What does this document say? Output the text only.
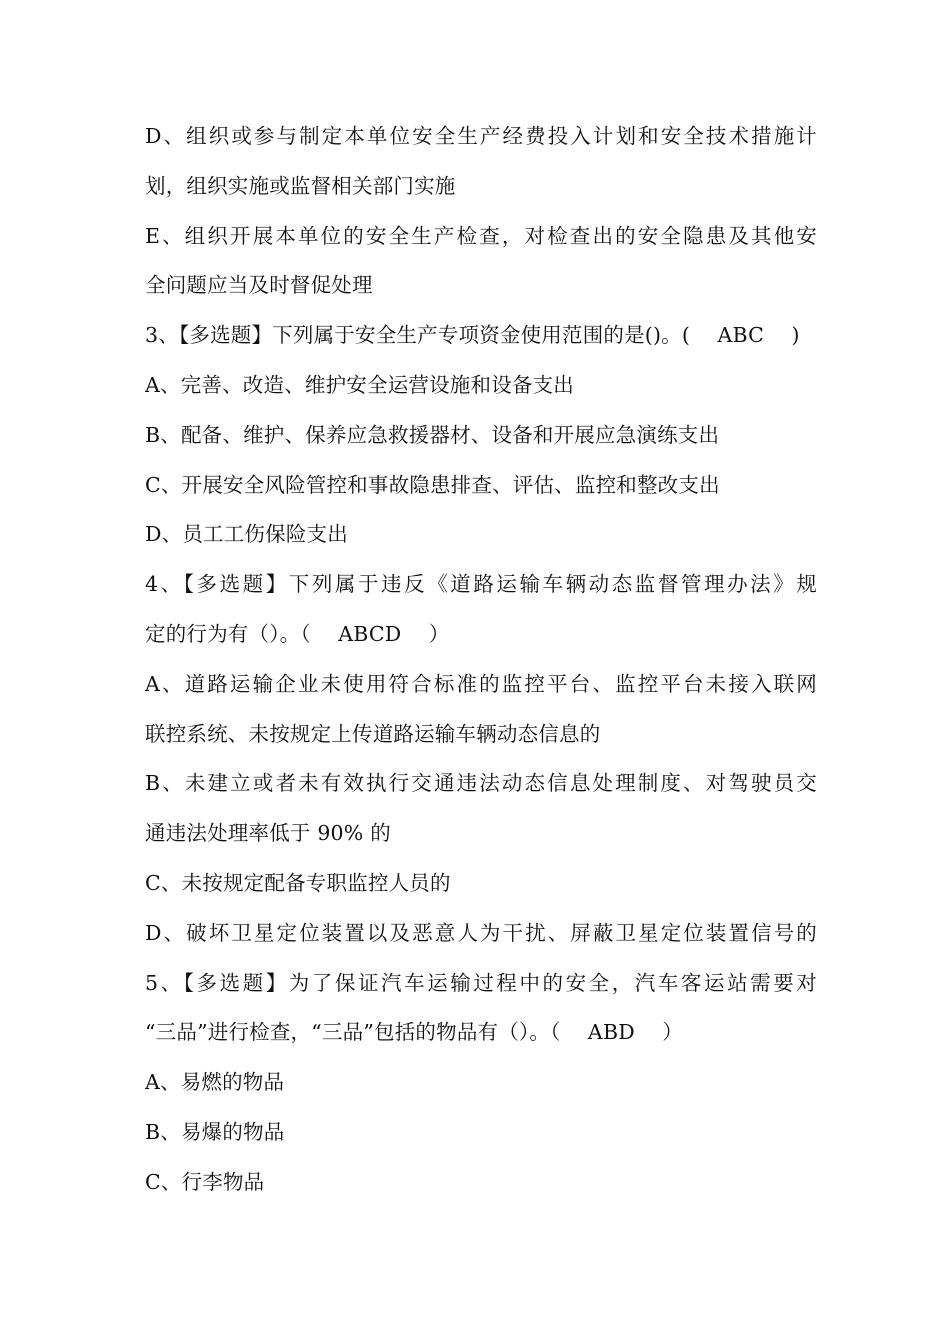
D、组织或参与制定本单位安全生产经费投入计划和安全技术措施计
划，组织实施或监督相关部门实施
E、组织开展本单位的安全生产检查，对检查出的安全隐患及其他安
全问题应当及时督促处理
3、【多选题】下列属于安全生产专项资金使用范围的是()。(　 ABC　 )
A、完善、改造、维护安全运营设施和设备支出
B、配备、维护、保养应急救援器材、设备和开展应急演练支出
C、开展安全风险管控和事故隐患排查、评估、监控和整改支出
D、员工工伤保险支出
4、【多选题】下列属于违反《道路运输车辆动态监督管理办法》规
定的行为有（）。（　 ABCD　 ）
A、道路运输企业未使用符合标准的监控平台、监控平台未接入联网
联控系统、未按规定上传道路运输车辆动态信息的
B、未建立或者未有效执行交通违法动态信息处理制度、对驾驶员交
通违法处理率低于 90% 的
C、未按规定配备专职监控人员的
D、破坏卫星定位装置以及恶意人为干扰、屏蔽卫星定位装置信号的
5、【多选题】为了保证汽车运输过程中的安全，汽车客运站需要对
“三品”进行检查，“三品”包括的物品有（）。（　 ABD　 ）
A、易燃的物品
B、易爆的物品
C、行李物品
